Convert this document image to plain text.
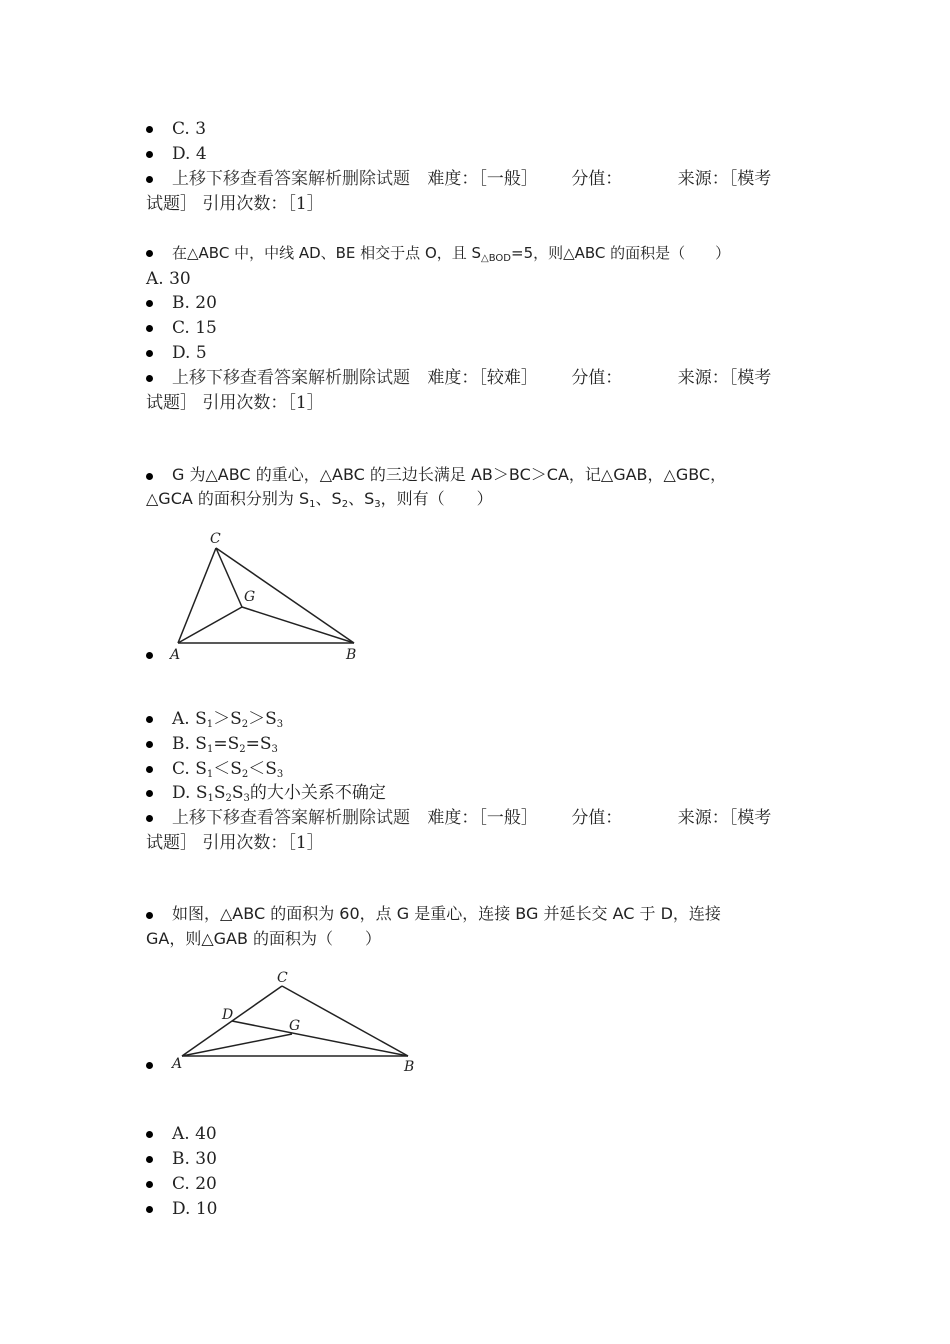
C. 3
D. 4
上移下移查看答案解析删除试题 难度：［一般］ 分值：	来源：［模考
试题］ 引用次数：［1］
在△ABC 中，中线 AD、BE 相交于点 O，且 $S_{\triangle BOD}=5$，则△ABC 的面积是（　　）
A. 30
B. 20
C. 15
D. 5
上移下移查看答案解析删除试题 难度：［较难］ 分值：	来源：［模考
试题］ 引用次数：［1］
G 为△ABC 的重心，△ABC 的三边长满足 AB＞BC＞CA，记△GAB，△GBC，
△GCA 的面积分别为 $S_1$、$S_2$、$S_3$，则有（　　）
C
G
A	B
A. $S_1>S_2>S_3$
B. $S_1=S_2=S_3$
C. $S_1<S_2<S_3$
D. $S_1S_2S_3$的大小关系不确定
上移下移查看答案解析删除试题 难度：［一般］ 分值：	来源：［模考
试题］ 引用次数：［1］
如图，△ABC 的面积为 60，点 G 是重心，连接 BG 并延长交 AC 于 D，连接
GA，则△GAB 的面积为（　　）
C
D
G
A	B
A. 40
B. 30
C. 20
D. 10
